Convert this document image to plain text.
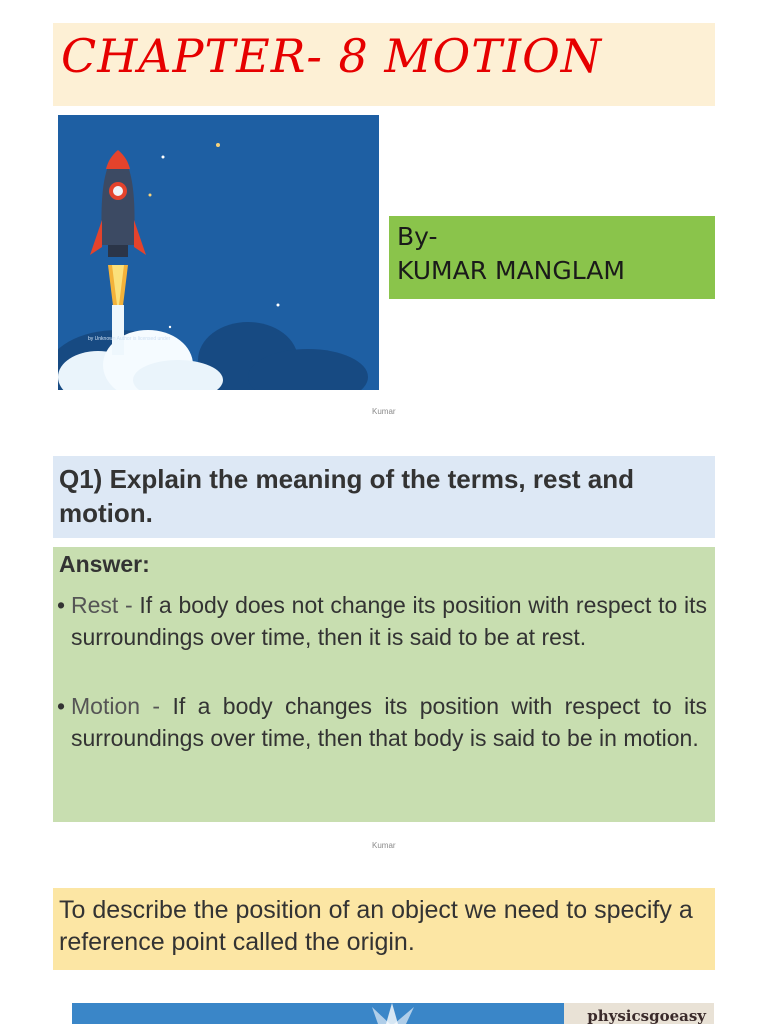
CHAPTER- 8 MOTION
by Unknown Author is licensed under
By-
KUMAR MANGLAM
Kumar
Q1) Explain the meaning of the terms, rest and motion.
Answer:
• Rest - If a body does not change its position with respect to its surroundings over time, then it is said to be at rest.
• Motion - If a body changes its position with respect to its surroundings over time, then that body is said to be in motion.
Kumar
To describe the position of an object we need to specify a reference point called the origin.
physicsgoeasy
